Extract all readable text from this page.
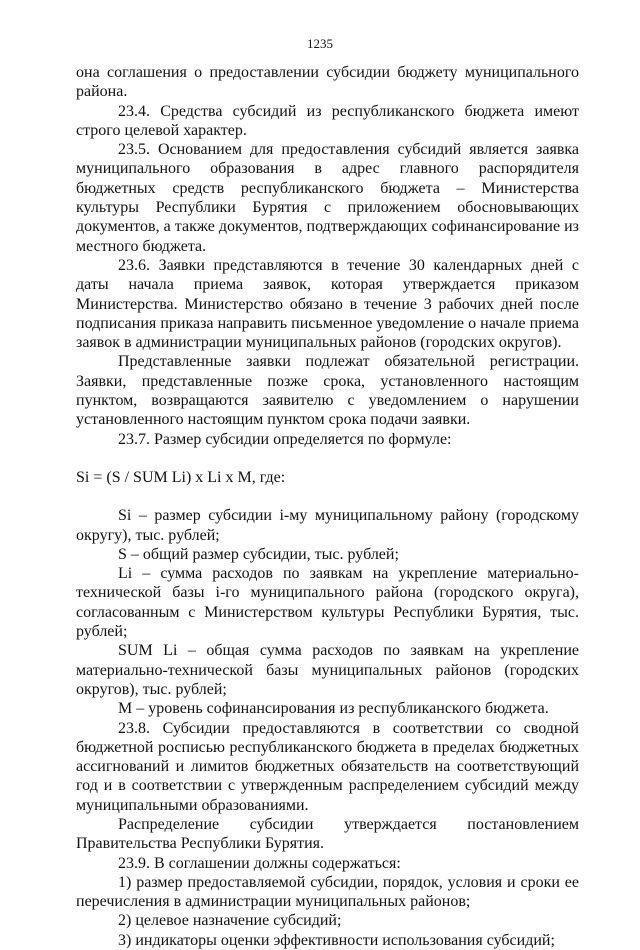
1235

она соглашения о предоставлении субсидии бюджету муниципального района.

23.4. Средства субсидий из республиканского бюджета имеют строго целевой характер.

23.5. Основанием для предоставления субсидий является заявка муниципального образования в адрес главного распорядителя бюджетных средств республиканского бюджета – Министерства культуры Республики Бурятия с приложением обосновывающих документов, а также документов, подтверждающих софинансирование из местного бюджета.

23.6. Заявки представляются в течение 30 календарных дней с даты начала приема заявок, которая утверждается приказом Министерства. Министерство обязано в течение 3 рабочих дней после подписания приказа направить письменное уведомление о начале приема заявок в администрации муниципальных районов (городских округов).

Представленные заявки подлежат обязательной регистрации. Заявки, представленные позже срока, установленного настоящим пунктом, возвращаются заявителю с уведомлением о нарушении установленного настоящим пунктом срока подачи заявки.

23.7. Размер субсидии определяется по формуле:

Si = (S / SUM Li) x Li x M, где:

Si – размер субсидии i-му муниципальному району (городскому округу), тыс. рублей;

S – общий размер субсидии, тыс. рублей;

Li – сумма расходов по заявкам на укрепление материально-технической базы i-го муниципального района (городского округа), согласованным с Министерством культуры Республики Бурятия, тыс. рублей;

SUM Li – общая сумма расходов по заявкам на укрепление материально-технической базы муниципальных районов (городских округов), тыс. рублей;

M – уровень софинансирования из республиканского бюджета.

23.8. Субсидии предоставляются в соответствии со сводной бюджетной росписью республиканского бюджета в пределах бюджетных ассигнований и лимитов бюджетных обязательств на соответствующий год и в соответствии с утвержденным распределением субсидий между муниципальными образованиями.

Распределение субсидии утверждается постановлением Правительства Республики Бурятия.

23.9. В соглашении должны содержаться:

1) размер предоставляемой субсидии, порядок, условия и сроки ее перечисления в администрации муниципальных районов;

2) целевое назначение субсидий;

3) индикаторы оценки эффективности использования субсидий;
